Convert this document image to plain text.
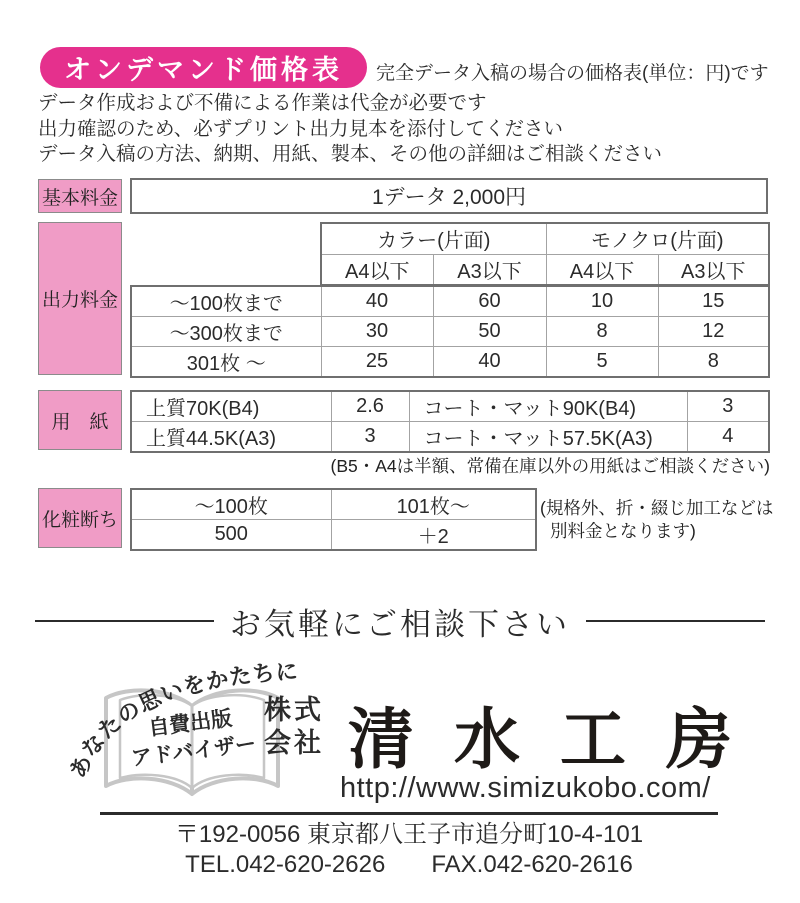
オンデマンド価格表	完全データ入稿の場合の価格表(単位：円)です
データ作成および不備による作業は代金が必要です
出力確認のため、必ずプリント出力見本を添付してください
データ入稿の方法、納期、用紙、製本、その他の詳細はご相談ください
基本料金	1データ 2,000円
出力料金
カラー(片面)		モノクロ(片面)	
A4以下	A3以下	A4以下	A3以下
～100枚まで	40	60	10	15
～300枚まで	30	50	8	12
301枚 ～	25	40	5	8
用　紙
上質70K(B4)	2.6	コート・マット90K(B4)	3
上質44.5K(A3)	3	コート・マット57.5K(A3)	4
(B5・A4は半額、常備在庫以外の用紙はご相談ください)
化粧断ち
～100枚	101枚～
500	＋2
(規格外、折・綴じ加工などは
別料金となります)
お気軽にご相談下さい
あなたの思いをかたちに
自費出版
アドバイザー
株式
会社 清水工房
http://www.simizukobo.com/
〒192-0056 東京都八王子市追分町10-4-101
TEL.042-620-2626 FAX.042-620-2616
